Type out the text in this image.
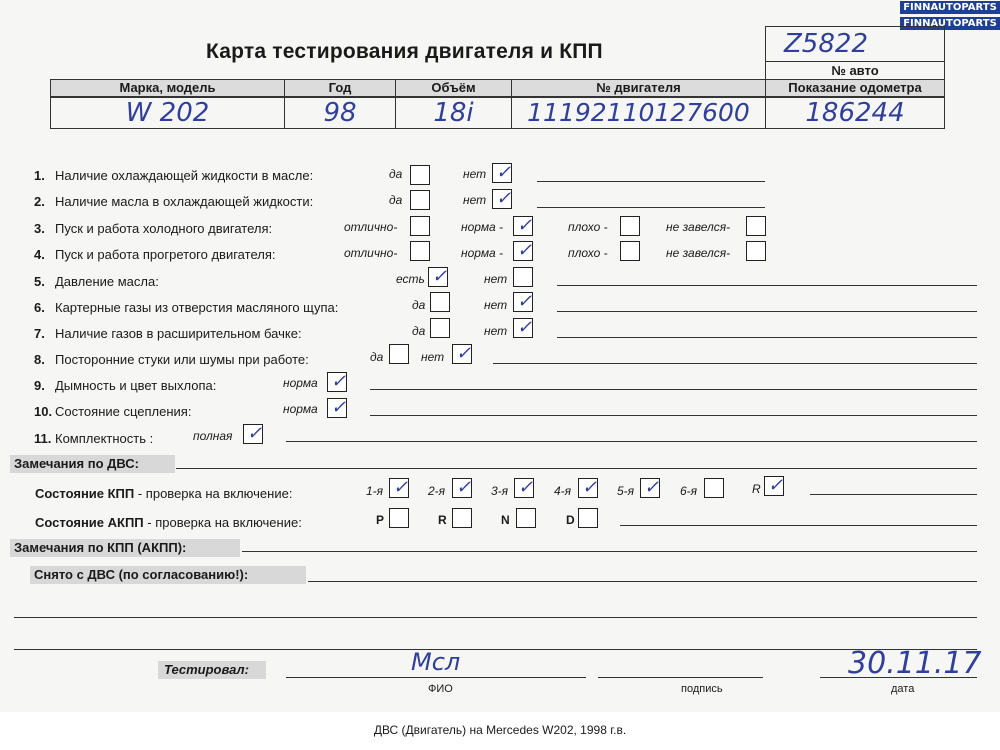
FINNAUTOPARTS
FINNAUTOPARTS
Карта тестирования двигателя и КПП	Z5822
№ авто
Марка, модель	Год	Объём	№ двигателя	Показание одометра
W 202	98	18i	11192110127600	186244
1. Наличие охлаждающей жидкости в масле:	да	нет ✓
2. Наличие масла в охлаждающей жидкости:	да	нет ✓
3. Пуск и работа холодного двигателя:	отлично-	норма - ✓	плохо -	не завелся-
4. Пуск и работа прогретого двигателя:	отлично-	норма - ✓	плохо -	не завелся-
5. Давление масла:	есть ✓	нет
6. Картерные газы из отверстия масляного щупа:	да	нет ✓
7. Наличие газов в расширительном бачке:	да	нет ✓
8. Посторонние стуки или шумы при работе:	да	нет ✓
9. Дымность и цвет выхлопа:	норма ✓
10. Состояние сцепления:	норма ✓
11. Комплектность :	полная ✓
Замечания по ДВС:
Состояние КПП - проверка на включение:	1-я ✓ 2-я ✓ 3-я ✓ 4-я ✓ 5-я ✓ 6-я	R ✓
Состояние АКПП - проверка на включение:	P	R	N	D
Замечания по КПП (АКПП):
Снято с ДВС (по согласованию!):
Тестировал:	Мсл	30.11.17
ФИО	подпись	дата
ДВС (Двигатель) на Mercedes W202, 1998 г.в.
